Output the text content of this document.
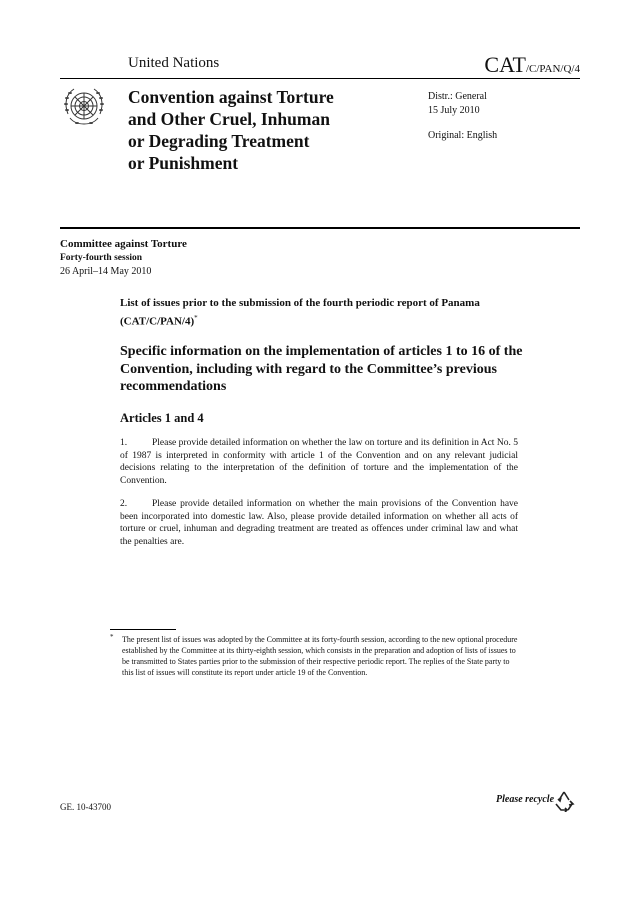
United Nations	CAT/C/PAN/Q/4
Convention against Torture
and Other Cruel, Inhuman
or Degrading Treatment
or Punishment
Distr.: General
15 July 2010
Original: English
Committee against Torture
Forty-fourth session
26 April–14 May 2010
List of issues prior to the submission of the fourth periodic report of Panama (CAT/C/PAN/4)*
Specific information on the implementation of articles 1 to 16 of the Convention, including with regard to the Committee’s previous recommendations
Articles 1 and 4
1.	Please provide detailed information on whether the law on torture and its definition in Act No. 5 of 1987 is interpreted in conformity with article 1 of the Convention and on any relevant judicial decisions relating to the interpretation of the definition of torture and the implementation of the Convention.
2.	Please provide detailed information on whether the main provisions of the Convention have been incorporated into domestic law. Also, please provide detailed information on whether all acts of torture or cruel, inhuman and degrading treatment are treated as offences under criminal law and what the penalties are.
*	The present list of issues was adopted by the Committee at its forty-fourth session, according to the new optional procedure established by the Committee at its thirty-eighth session, which consists in the preparation and adoption of lists of issues to be transmitted to States parties prior to the submission of their respective periodic report. The replies of the State party to this list of issues will constitute its report under article 19 of the Convention.
GE. 10-43700
Please recycle
